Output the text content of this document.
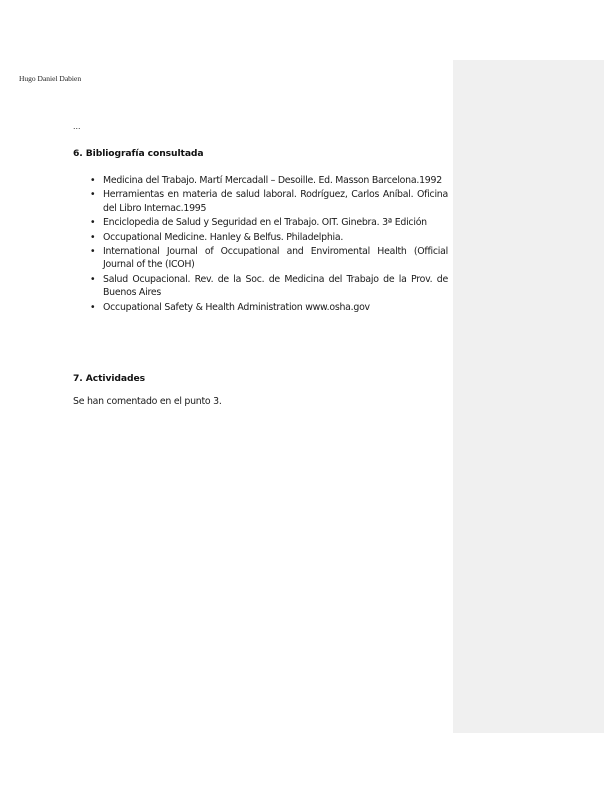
Hugo Daniel Dabien
...
6. Bibliografía consultada
• Medicina del Trabajo. Martí Mercadall – Desoille. Ed. Masson Barcelona.1992
• Herramientas en materia de salud laboral. Rodríguez, Carlos Aníbal. Oficina del Libro Internac.1995
• Enciclopedia de Salud y Seguridad en el Trabajo. OIT. Ginebra. 3ª Edición
• Occupational Medicine. Hanley & Belfus. Philadelphia.
• International Journal of Occupational and Enviromental Health (Official Journal of the (ICOH)
• Salud Ocupacional. Rev. de la Soc. de Medicina del Trabajo de la Prov. de Buenos Aires
• Occupational Safety & Health Administration www.osha.gov
7. Actividades
Se han comentado en el punto 3.
